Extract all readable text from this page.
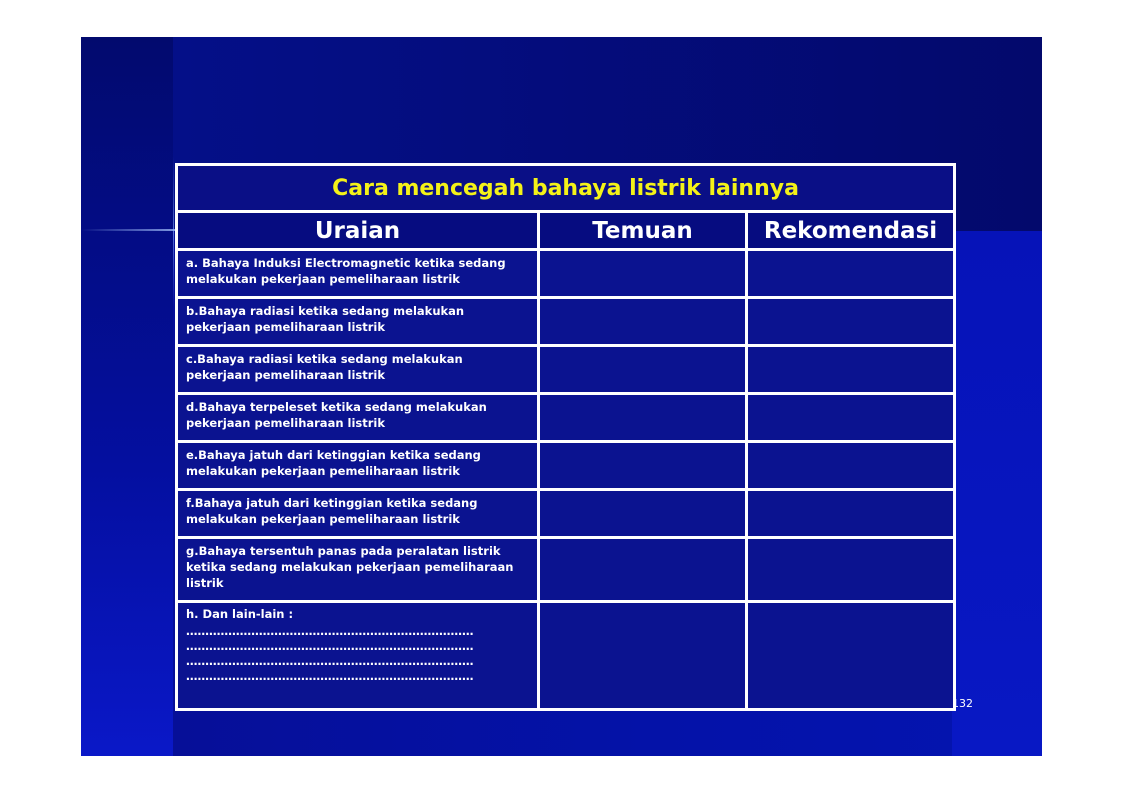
Cara mencegah bahaya listrik lainnya		
Uraian	Temuan	Rekomendasi
a. Bahaya Induksi Electromagnetic ketika sedang melakukan pekerjaan pemeliharaan listrik		
b.Bahaya radiasi ketika sedang melakukan pekerjaan pemeliharaan listrik		
c.Bahaya radiasi ketika sedang melakukan pekerjaan pemeliharaan listrik		
d.Bahaya terpeleset ketika sedang melakukan pekerjaan pemeliharaan listrik		
e.Bahaya jatuh dari ketinggian ketika sedang melakukan pekerjaan pemeliharaan listrik		
f.Bahaya jatuh dari ketinggian ketika sedang melakukan pekerjaan pemeliharaan listrik		
g.Bahaya tersentuh panas pada peralatan listrik ketika sedang melakukan pekerjaan pemeliharaan listrik		

h. Dan lain-lain :
…………………………………………………………………
…………………………………………………………………
…………………………………………………………………
…………………………………………………………………		

132
